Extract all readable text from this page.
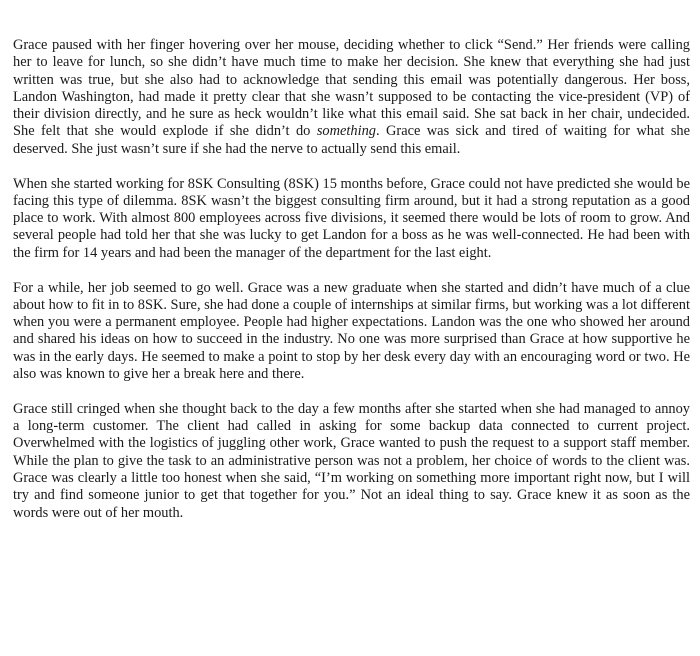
Grace paused with her finger hovering over her mouse, deciding whether to click “Send.” Her friends were calling her to leave for lunch, so she didn’t have much time to make her decision. She knew that everything she had just written was true, but she also had to acknowledge that sending this email was potentially dangerous. Her boss, Landon Washington, had made it pretty clear that she wasn’t supposed to be contacting the vice-president (VP) of their division directly, and he sure as heck wouldn’t like what this email said. She sat back in her chair, undecided. She felt that she would explode if she didn’t do something. Grace was sick and tired of waiting for what she deserved. She just wasn’t sure if she had the nerve to actually send this email.

When she started working for 8SK Consulting (8SK) 15 months before, Grace could not have predicted she would be facing this type of dilemma. 8SK wasn’t the biggest consulting firm around, but it had a strong reputation as a good place to work. With almost 800 employees across five divisions, it seemed there would be lots of room to grow. And several people had told her that she was lucky to get Landon for a boss as he was well-connected. He had been with the firm for 14 years and had been the manager of the department for the last eight.

For a while, her job seemed to go well. Grace was a new graduate when she started and didn’t have much of a clue about how to fit in to 8SK. Sure, she had done a couple of internships at similar firms, but working was a lot different when you were a permanent employee. People had higher expectations. Landon was the one who showed her around and shared his ideas on how to succeed in the industry. No one was more surprised than Grace at how supportive he was in the early days. He seemed to make a point to stop by her desk every day with an encouraging word or two. He also was known to give her a break here and there.

Grace still cringed when she thought back to the day a few months after she started when she had managed to annoy a long-term customer. The client had called in asking for some backup data connected to current project. Overwhelmed with the logistics of juggling other work, Grace wanted to push the request to a support staff member. While the plan to give the task to an administrative person was not a problem, her choice of words to the client was. Grace was clearly a little too honest when she said, “I’m working on something more important right now, but I will try and find someone junior to get that together for you.” Not an ideal thing to say. Grace knew it as soon as the words were out of her mouth.
